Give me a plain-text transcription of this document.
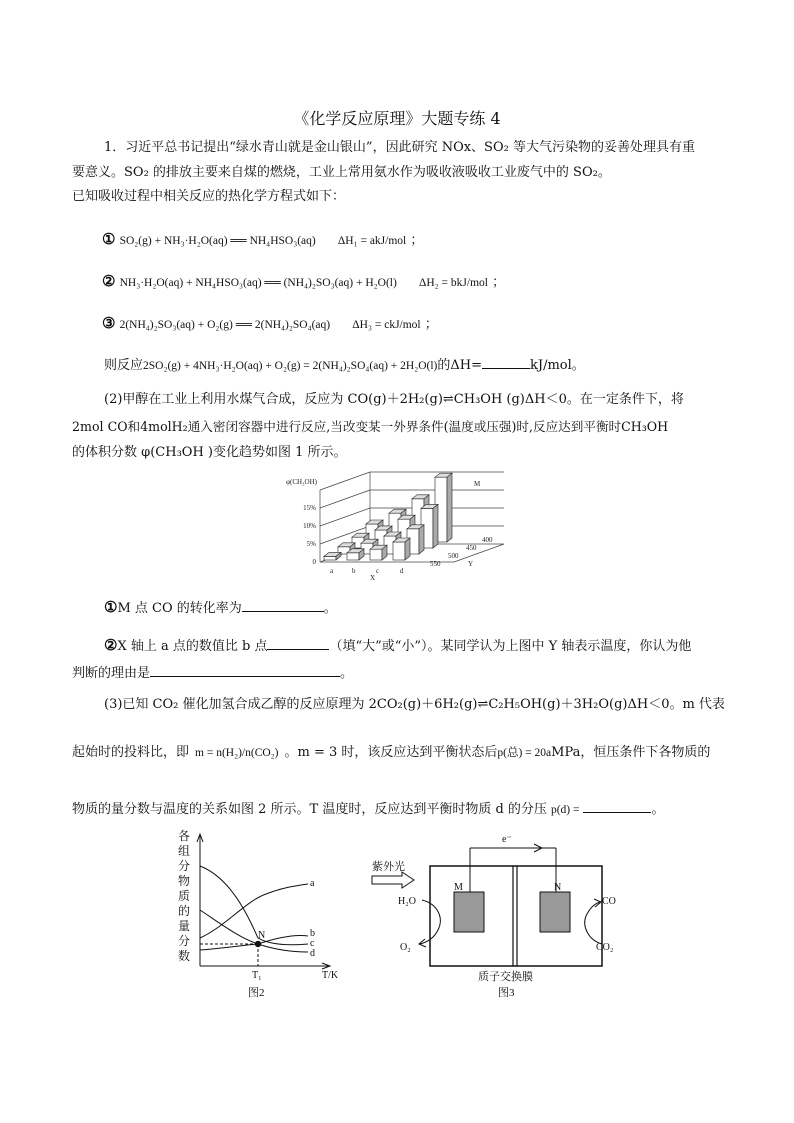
《化学反应原理》大题专练 4
1．习近平总书记提出“绿水青山就是金山银山”，因此研究 NOx、SO₂ 等大气污染物的妥善处理具有重
要意义。SO₂ 的排放主要来自煤的燃烧，工业上常用氨水作为吸收液吸收工业废气中的 SO₂。
已知吸收过程中相关反应的热化学方程式如下：
① SO₂(g) + NH₃·H₂O(aq) ══ NH₄HSO₃(aq) ΔH₁ = akJ/mol ；
② NH₃·H₂O(aq) + NH₄HSO₃(aq) ══ (NH₄)₂SO₃(aq) + H₂O(l) ΔH₂ = bkJ/mol ；
③ 2(NH₄)₂SO₃(aq) + O₂(g) ══ 2(NH₄)₂SO₄(aq) ΔH₃ = ckJ/mol ；
则反应2SO₂(g) + 4NH₃·H₂O(aq) + O₂(g) = 2(NH₄)₂SO₄(aq) + 2H₂O(l)的ΔH=	kJ/mol。
(2)甲醇在工业上利用水煤气合成，反应为 CO(g)＋2H₂(g)⇌CH₃OH (g)ΔH＜0。在一定条件下，将
2mol CO和4molH₂通入密闭容器中进行反应,当改变某一外界条件(温度或压强)时,反应达到平衡时CH₃OH
的体积分数 φ(CH₃OH )变化趋势如图 1 所示。
0
5%
10%
15%
φ(CH₃OH)
a	b	c	d
X
550
500
450
400
Y
M
①M 点 CO 的转化率为	。
②X 轴上 a 点的数值比 b 点	（填“大”或“小”）。某同学认为上图中 Y 轴表示温度，你认为他
判断的理由是	。
(3)已知 CO₂ 催化加氢合成乙醇的反应原理为 2CO₂(g)＋6H₂(g)⇌C₂H₅OH(g)＋3H₂O(g)ΔH＜0。m 代表
起始时的投料比，即 m = n(H₂)/n(CO₂) 。m = 3 时，该反应达到平衡状态后p(总) = 20aMPa，恒压条件下各物质的
物质的量分数与温度的关系如图 2 所示。T 温度时，反应达到平衡时物质 d 的分压 p(d) =	。
各
组
分
物
质
的
量
分
数
N
a
b
c
d
T₁	T/K
图2
紫外光
e⁻
M	N
H₂O
O₂
CO
CO₂
质子交换膜
图3
